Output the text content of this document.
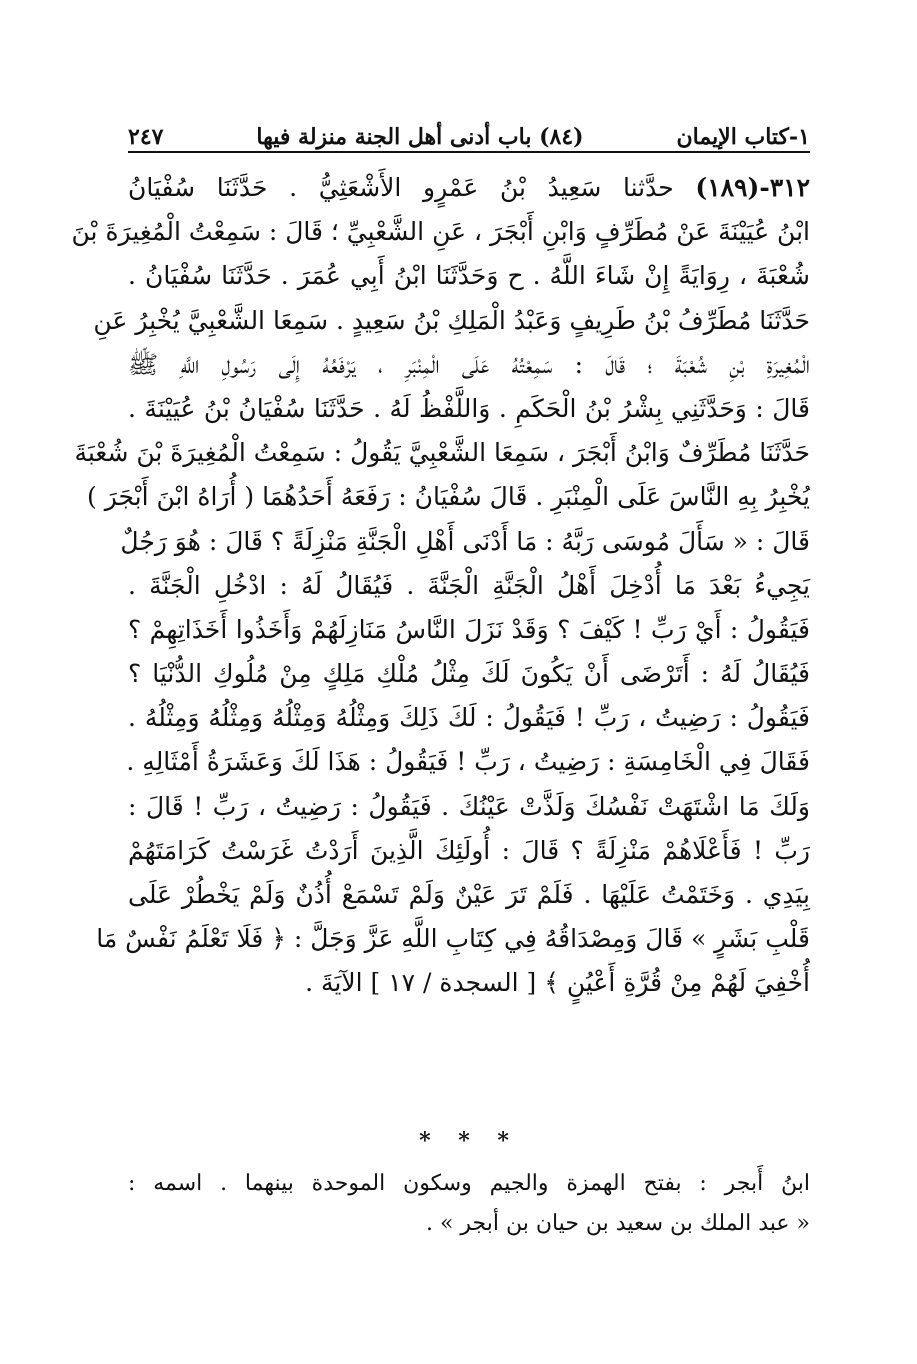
١-كتاب الإيمان
(٨٤) باب أدنى أهل الجنة منزلة فيها
٢٤٧
٣١٢-(١٨٩) حدَّثنا سَعِيدُ بْنُ عَمْرٍو الأَشْعَثِيُّ . حَدَّثَنَا سُفْيَانُ
ابْنُ عُيَيْنَةَ عَنْ مُطَرِّفٍ وَابْنِ أَبْجَرَ ، عَنِ الشَّعْبِيِّ ؛ قَالَ : سَمِعْتُ الْمُغِيرَةَ بْنَ
شُعْبَةَ ، رِوَايَةً إِنْ شَاءَ اللَّهُ . ح وَحَدَّثَنَا ابْنُ أَبِي عُمَرَ . حَدَّثَنَا سُفْيَانُ .
حَدَّثَنَا مُطَرِّفُ بْنُ طَرِيفٍ وَعَبْدُ الْمَلِكِ بْنُ سَعِيدٍ . سَمِعَا الشَّعْبِيَّ يُخْبِرُ عَنِ
الْمُغِيرَةِ بْنِ شُعْبَةَ ؛ قَالَ : سَمِعْتُهُ عَلَى الْمِنْبَرِ ، يَرْفَعُهُ إِلَى رَسُولِ اللَّهِ ﷺ
قَالَ : وَحَدَّثَنِي بِشْرُ بْنُ الْحَكَمِ . وَاللَّفْظُ لَهُ . حَدَّثَنَا سُفْيَانُ بْنُ عُيَيْنَةَ .
حَدَّثَنَا مُطَرِّفٌ وَابْنُ أَبْجَرَ ، سَمِعَا الشَّعْبِيَّ يَقُولُ : سَمِعْتُ الْمُغِيرَةَ بْنَ شُعْبَةَ
يُخْبِرُ بِهِ النَّاسَ عَلَى الْمِنْبَرِ . قَالَ سُفْيَانُ : رَفَعَهُ أَحَدُهُمَا ( أُرَاهُ ابْنَ أَبْجَرَ )
قَالَ : « سَأَلَ مُوسَى رَبَّهُ : مَا أَدْنَى أَهْلِ الْجَنَّةِ مَنْزِلَةً ؟ قَالَ : هُوَ رَجُلٌ
يَجِيءُ بَعْدَ مَا أُدْخِلَ أَهْلُ الْجَنَّةِ الْجَنَّةَ . فَيُقَالُ لَهُ : ادْخُلِ الْجَنَّةَ .
فَيَقُولُ : أَيْ رَبِّ ! كَيْفَ ؟ وَقَدْ نَزَلَ النَّاسُ مَنَازِلَهُمْ وَأَخَذُوا أَخَذَاتِهِمْ ؟
فَيُقَالُ لَهُ : أَتَرْضَى أَنْ يَكُونَ لَكَ مِثْلُ مُلْكِ مَلِكٍ مِنْ مُلُوكِ الدُّنْيَا ؟
فَيَقُولُ : رَضِيتُ ، رَبِّ ! فَيَقُولُ : لَكَ ذَلِكَ وَمِثْلُهُ وَمِثْلُهُ وَمِثْلُهُ وَمِثْلُهُ .
فَقَالَ فِي الْخَامِسَةِ : رَضِيتُ ، رَبِّ ! فَيَقُولُ : هَذَا لَكَ وَعَشَرَةُ أَمْثَالِهِ .
وَلَكَ مَا اشْتَهَتْ نَفْسُكَ وَلَذَّتْ عَيْنُكَ . فَيَقُولُ : رَضِيتُ ، رَبِّ ! قَالَ :
رَبِّ ! فَأَعْلَاهُمْ مَنْزِلَةً ؟ قَالَ : أُولَئِكَ الَّذِينَ أَرَدْتُ غَرَسْتُ كَرَامَتَهُمْ
بِيَدِي . وَخَتَمْتُ عَلَيْهَا . فَلَمْ تَرَ عَيْنٌ وَلَمْ تَسْمَعْ أُذُنٌ وَلَمْ يَخْطُرْ عَلَى
قَلْبِ بَشَرٍ » قَالَ وَمِصْدَاقُهُ فِي كِتَابِ اللَّهِ عَزَّ وَجَلَّ : ﴿ فَلَا تَعْلَمُ نَفْسٌ مَا
أُخْفِيَ لَهُمْ مِنْ قُرَّةِ أَعْيُنٍ ﴾ [ السجدة / ١٧ ] الآيَةَ .
* * *
ابنُ أَبجر : بفتح الهمزة والجيم وسكون الموحدة بينهما . اسمه :
« عبد الملك بن سعيد بن حيان بن أبجر » .
